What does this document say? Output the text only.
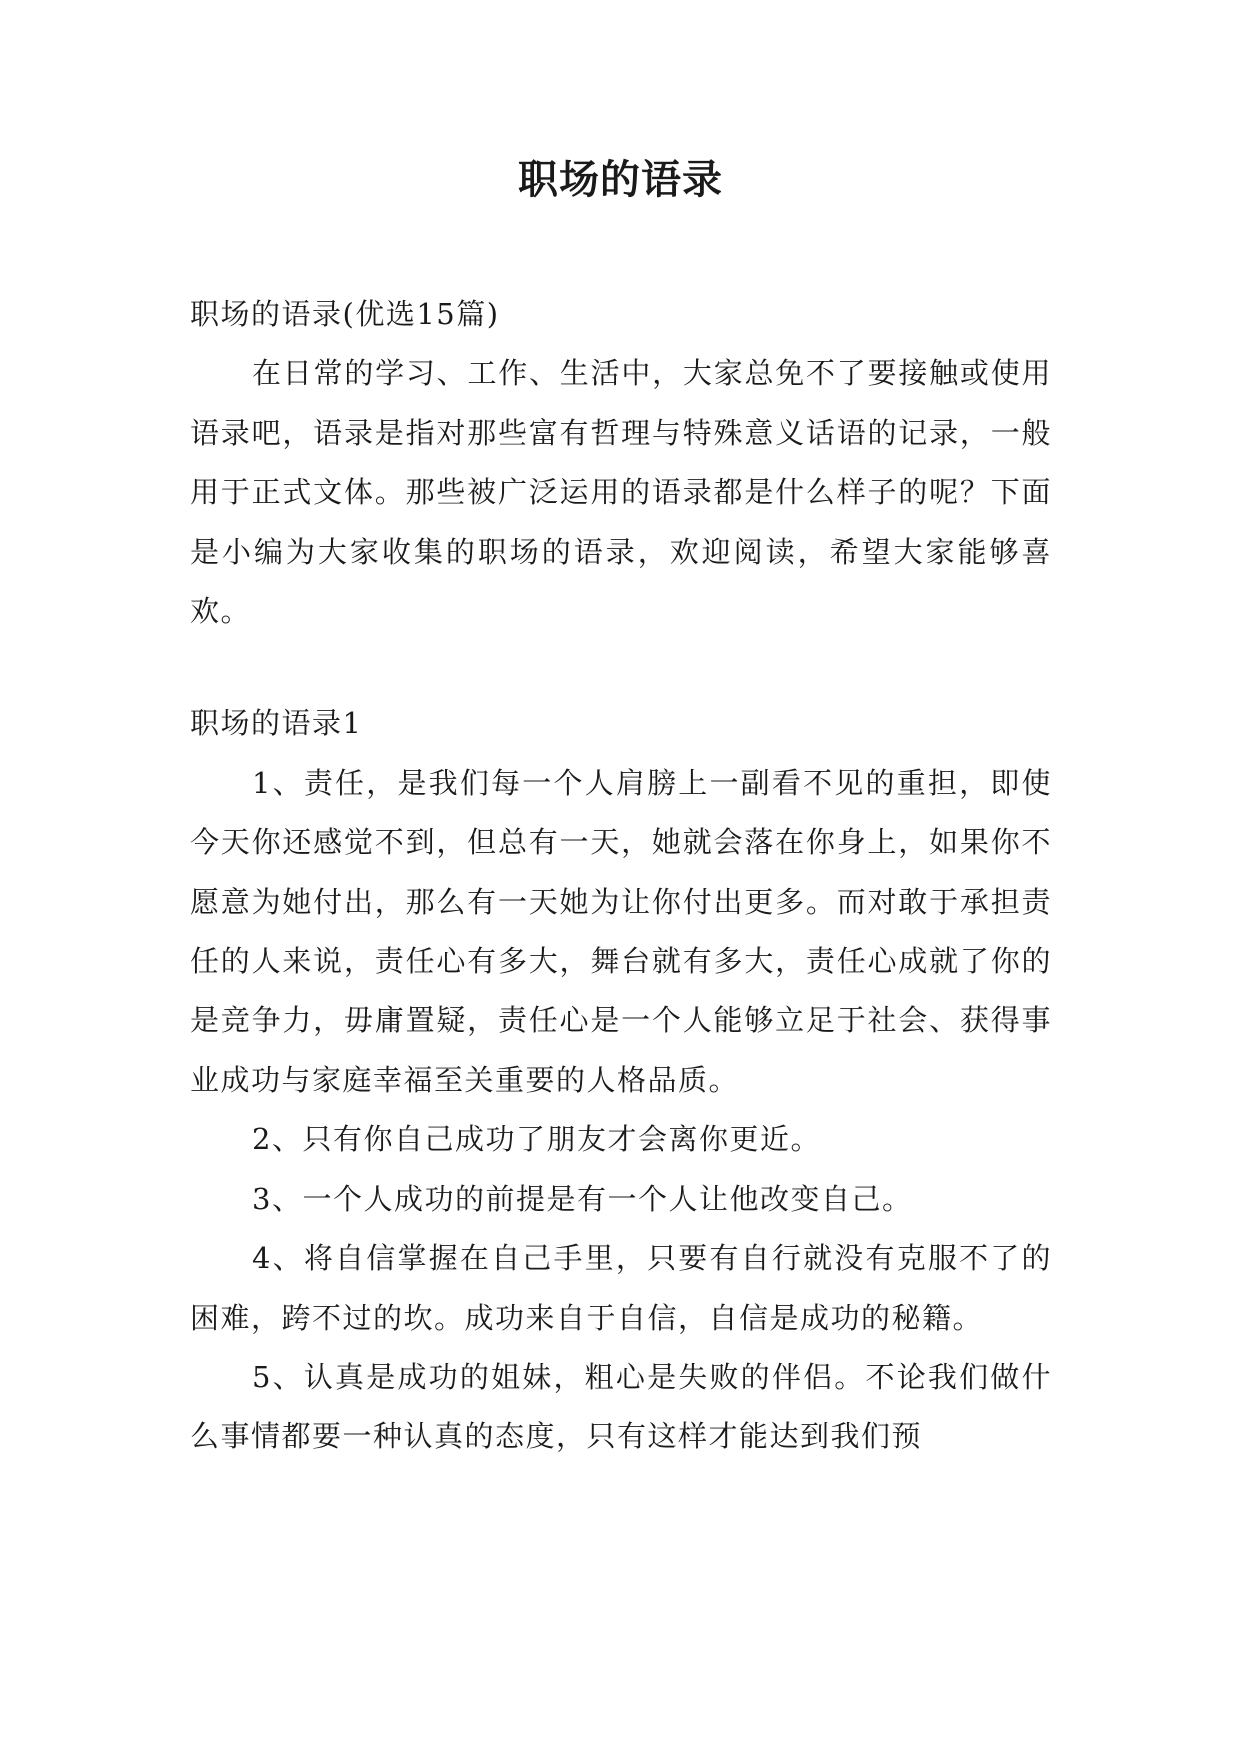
职场的语录

职场的语录(优选15篇)

在日常的学习、工作、生活中，大家总免不了要接触或使用语录吧，语录是指对那些富有哲理与特殊意义话语的记录，一般用于正式文体。那些被广泛运用的语录都是什么样子的呢？下面是小编为大家收集的职场的语录，欢迎阅读，希望大家能够喜欢。

职场的语录1

1、责任，是我们每一个人肩膀上一副看不见的重担，即使今天你还感觉不到，但总有一天，她就会落在你身上，如果你不愿意为她付出，那么有一天她为让你付出更多。而对敢于承担责任的人来说，责任心有多大，舞台就有多大，责任心成就了你的是竞争力，毋庸置疑，责任心是一个人能够立足于社会、获得事业成功与家庭幸福至关重要的人格品质。

2、只有你自己成功了朋友才会离你更近。

3、一个人成功的前提是有一个人让他改变自己。

4、将自信掌握在自己手里，只要有自行就没有克服不了的困难，跨不过的坎。成功来自于自信，自信是成功的秘籍。

5、认真是成功的姐妹，粗心是失败的伴侣。不论我们做什么事情都要一种认真的态度，只有这样才能达到我们预
